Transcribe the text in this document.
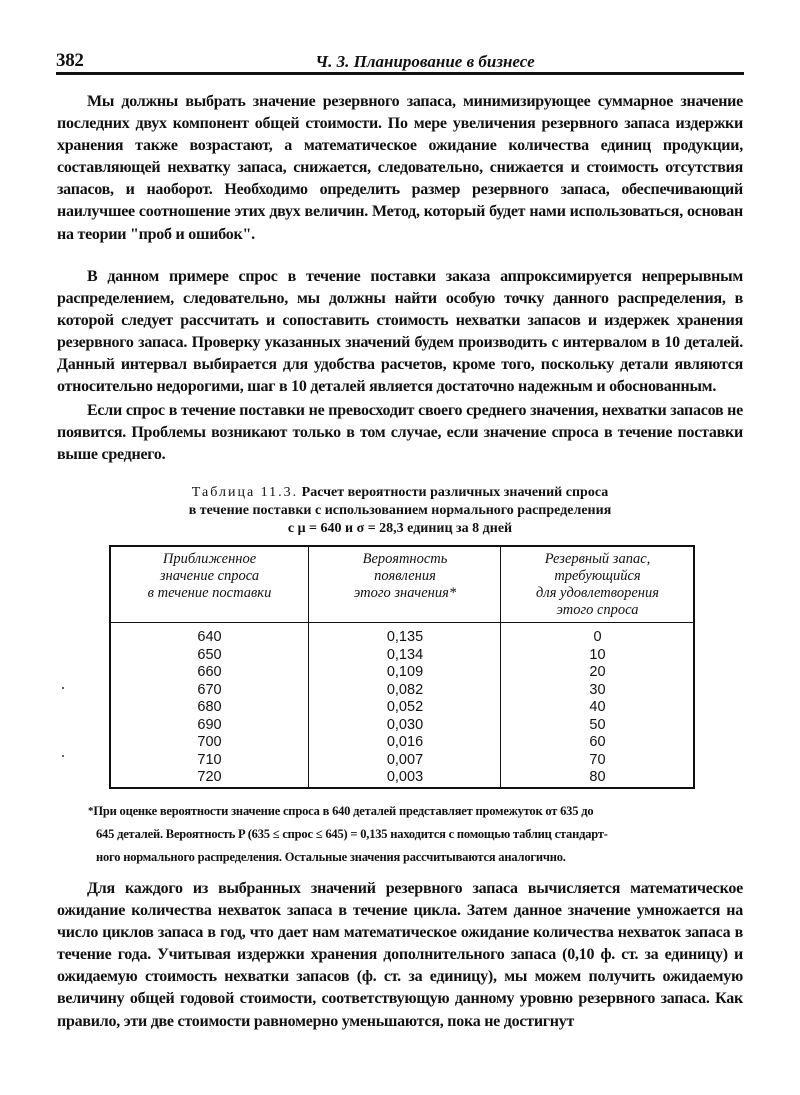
382	Ч. 3. Планирование в бизнесе
Мы должны выбрать значение резервного запаса, минимизирующее суммарное значение последних двух компонент общей стоимости. По мере увеличения резервного запаса издержки хранения также возрастают, а математическое ожидание количества единиц продукции, составляющей нехватку запаса, снижается, следовательно, снижается и стоимость отсутствия запасов, и наоборот. Необходимо определить размер резервного запаса, обеспечивающий наилучшее соотношение этих двух величин. Метод, который будет нами использоваться, основан на теории "проб и ошибок".
В данном примере спрос в течение поставки заказа аппроксимируется непрерывным распределением, следовательно, мы должны найти особую точку данного распределения, в которой следует рассчитать и сопоставить стоимость нехватки запасов и издержек хранения резервного запаса. Проверку указанных значений будем производить с интервалом в 10 деталей. Данный интервал выбирается для удобства расчетов, кроме того, поскольку детали являются относительно недорогими, шаг в 10 деталей является достаточно надежным и обоснованным.
Если спрос в течение поставки не превосходит своего среднего значения, нехватки запасов не появится. Проблемы возникают только в том случае, если значение спроса в течение поставки выше среднего.
Таблица 11.3. Расчет вероятности различных значений спроса
в течение поставки с использованием нормального распределения
с μ = 640 и σ = 28,3 единиц за 8 дней
Приближенное
значение спроса
в течение поставки
640
650
660
670
680
690
700
710
720
Вероятность
появления
этого значения*
0,135
0,134
0,109
0,082
0,052
0,030
0,016
0,007
0,003
Резервный запас,
требующийся
для удовлетворения
этого спроса
0
10
20
30
40
50
60
70
80
*При оценке вероятности значение спроса в 640 деталей представляет промежуток от 635 до
645 деталей. Вероятность P (635 ≤ спрос ≤ 645) = 0,135 находится с помощью таблиц стандарт-
ного нормального распределения. Остальные значения рассчитываются аналогично.
Для каждого из выбранных значений резервного запаса вычисляется математическое ожидание количества нехваток запаса в течение цикла. Затем данное значение умножается на число циклов запаса в год, что дает нам математическое ожидание количества нехваток запаса в течение года. Учитывая издержки хранения дополнительного запаса (0,10 ф. ст. за единицу) и ожидаемую стоимость нехватки запасов (ф. ст. за единицу), мы можем получить ожидаемую величину общей годовой стоимости, соответствующую данному уровню резервного запаса. Как правило, эти две стоимости равномерно уменьшаются, пока не достигнут
